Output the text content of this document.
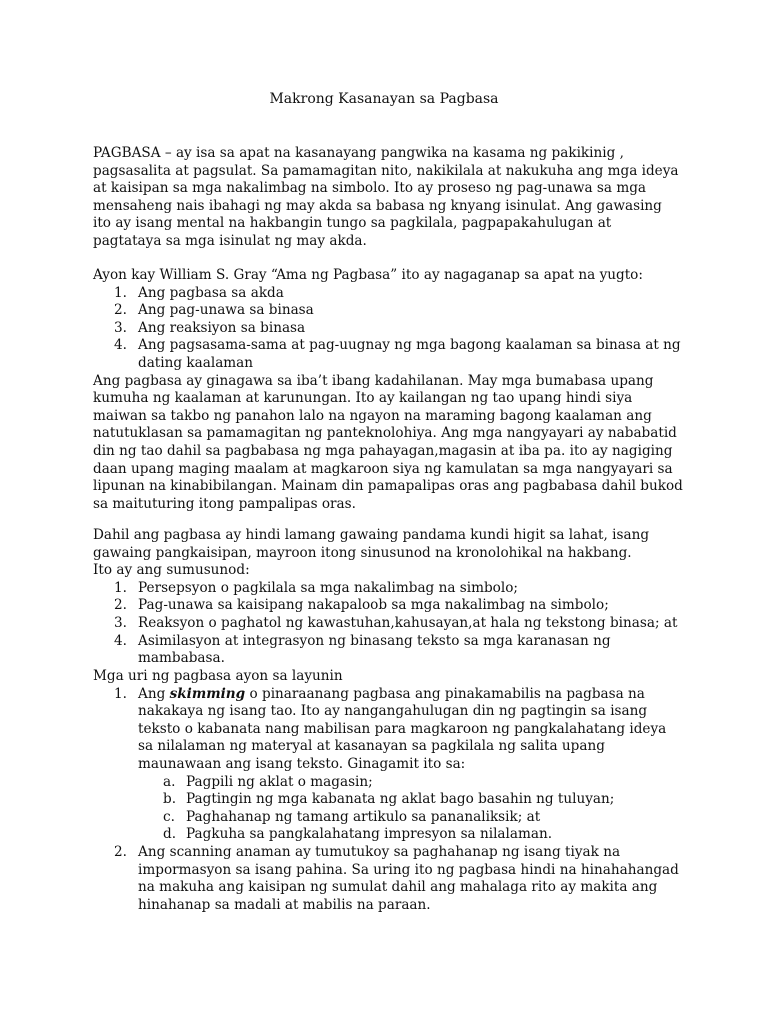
Makrong Kasanayan sa Pagbasa

PAGBASA – ay isa sa apat na kasanayang pangwika na kasama ng pakikinig , pagsasalita at pagsulat. Sa pamamagitan nito, nakikilala at nakukuha ang mga ideya at kaisipan sa mga nakalimbag na simbolo. Ito ay proseso ng pag-unawa sa mga mensaheng nais ibahagi ng may akda sa babasa ng knyang isinulat. Ang gawasing ito ay isang mental na hakbangin tungo sa pagkilala, pagpapakahulugan at pagtataya sa mga isinulat ng may akda.

Ayon kay William S. Gray “Ama ng Pagbasa” ito ay nagaganap sa apat na yugto:

1. Ang pagbasa sa akda
2. Ang pag-unawa sa binasa
3. Ang reaksiyon sa binasa
4. Ang pagsasama-sama at pag-uugnay ng mga bagong kaalaman sa binasa at ng dating kaalaman

Ang pagbasa ay ginagawa sa iba’t ibang kadahilanan. May mga bumabasa upang kumuha ng kaalaman at karunungan. Ito ay kailangan ng tao upang hindi siya maiwan sa takbo ng panahon lalo na ngayon na maraming bagong kaalaman ang natutuklasan sa pamamagitan ng panteknolohiya. Ang mga nangyayari ay nababatid din ng tao dahil sa pagbabasa ng mga pahayagan,magasin at iba pa. ito ay nagiging daan upang maging maalam at magkaroon siya ng kamulatan sa mga nangyayari sa lipunan na kinabibilangan. Mainam din pamapalipas oras ang pagbabasa dahil bukod sa maituturing itong pampalipas oras.

Dahil ang pagbasa ay hindi lamang gawaing pandama kundi higit sa lahat, isang gawaing pangkaisipan, mayroon itong sinusunod na kronolohikal na hakbang.

Ito ay ang sumusunod:

1. Persepsyon o pagkilala sa mga nakalimbag na simbolo;
2. Pag-unawa sa kaisipang nakapaloob sa mga nakalimbag na simbolo;
3. Reaksyon o paghatol ng kawastuhan,kahusayan,at hala ng tekstong binasa; at
4. Asimilasyon at integrasyon ng binasang teksto sa mga karanasan ng mambabasa.

Mga uri ng pagbasa ayon sa layunin

1. Ang skimming o pinaraanang pagbasa ang pinakamabilis na pagbasa na nakakaya ng isang tao. Ito ay nangangahulugan din ng pagtingin sa isang teksto o kabanata nang mabilisan para magkaroon ng pangkalahatang ideya sa nilalaman ng materyal at kasanayan sa pagkilala ng salita upang maunawaan ang isang teksto. Ginagamit ito sa:
a. Pagpili ng aklat o magasin;
b. Pagtingin ng mga kabanata ng aklat bago basahin ng tuluyan;
c. Paghahanap ng tamang artikulo sa pananaliksik; at
d. Pagkuha sa pangkalahatang impresyon sa nilalaman.
2. Ang scanning anaman ay tumutukoy sa paghahanap ng isang tiyak na impormasyon sa isang pahina. Sa uring ito ng pagbasa hindi na hinahahangad na makuha ang kaisipan ng sumulat dahil ang mahalaga rito ay makita ang hinahanap sa madali at mabilis na paraan.
